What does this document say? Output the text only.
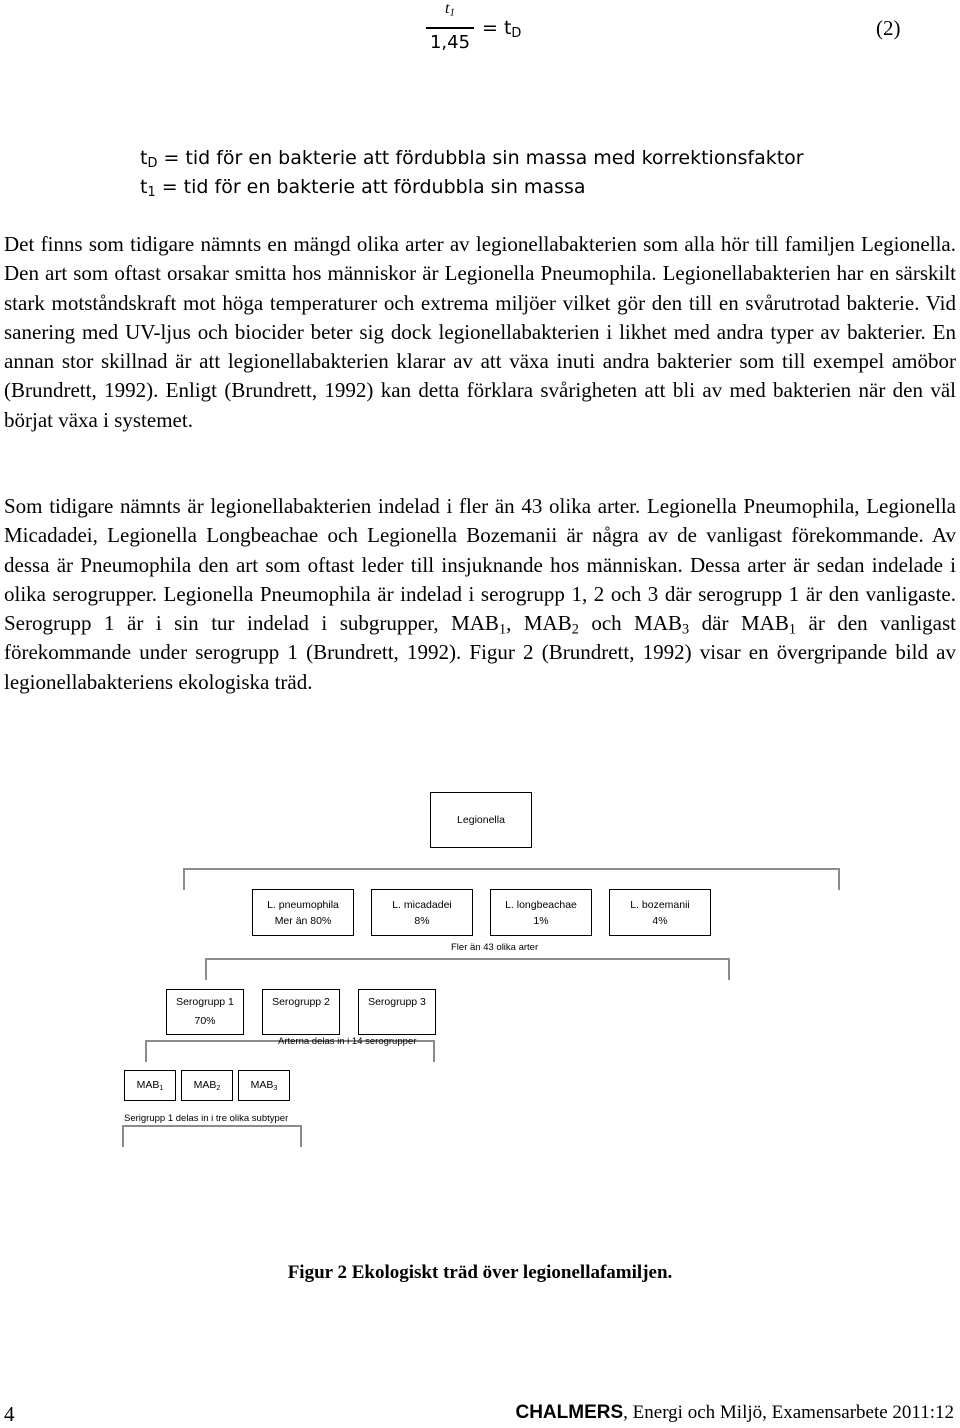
$t_1$
1,45
= $t_D$	(2)
$t_D$ = tid för en bakterie att fördubbla sin massa med korrektionsfaktor
$t_1$ = tid för en bakterie att fördubbla sin massa

Det finns som tidigare nämnts en mängd olika arter av legionellabakterien som alla hör till familjen Legionella. Den art som oftast orsakar smitta hos människor är Legionella Pneumophila. Legionellabakterien har en särskilt stark motståndskraft mot höga temperaturer och extrema miljöer vilket gör den till en svårutrotad bakterie. Vid sanering med UV-ljus och biocider beter sig dock legionellabakterien i likhet med andra typer av bakterier. En annan stor skillnad är att legionellabakterien klarar av att växa inuti andra bakterier som till exempel amöbor (Brundrett, 1992). Enligt (Brundrett, 1992) kan detta förklara svårigheten att bli av med bakterien när den väl börjat växa i systemet.

Som tidigare nämnts är legionellabakterien indelad i fler än 43 olika arter. Legionella Pneumophila, Legionella Micadadei, Legionella Longbeachae och Legionella Bozemanii är några av de vanligast förekommande. Av dessa är Pneumophila den art som oftast leder till insjuknande hos människan. Dessa arter är sedan indelade i olika serogrupper. Legionella Pneumophila är indelad i serogrupp 1, 2 och 3 där serogrupp 1 är den vanligaste. Serogrupp 1 är i sin tur indelad i subgrupper, $MAB_1$, $MAB_2$ och $MAB_3$ där $MAB_1$ är den vanligast förekommande under serogrupp 1 (Brundrett, 1992). Figur 2 (Brundrett, 1992) visar en övergripande bild av legionellabakteriens ekologiska träd.

Legionella
L. pneumophila
Mer än 80%
L. micadadei
8%
L. longbeachae
1%
L. bozemanii
4%
Fler än 43 olika arter
Serogrupp 1
70%
Serogrupp 2	Serogrupp 3
Arterna delas in i 14 serogrupper
$MAB_1$	$MAB_2$	$MAB_3$
Serigrupp 1 delas in i tre olika subtyper
Figur 2 Ekologiskt träd över legionellafamiljen.
4	CHALMERS, Energi och Miljö, Examensarbete 2011:12
